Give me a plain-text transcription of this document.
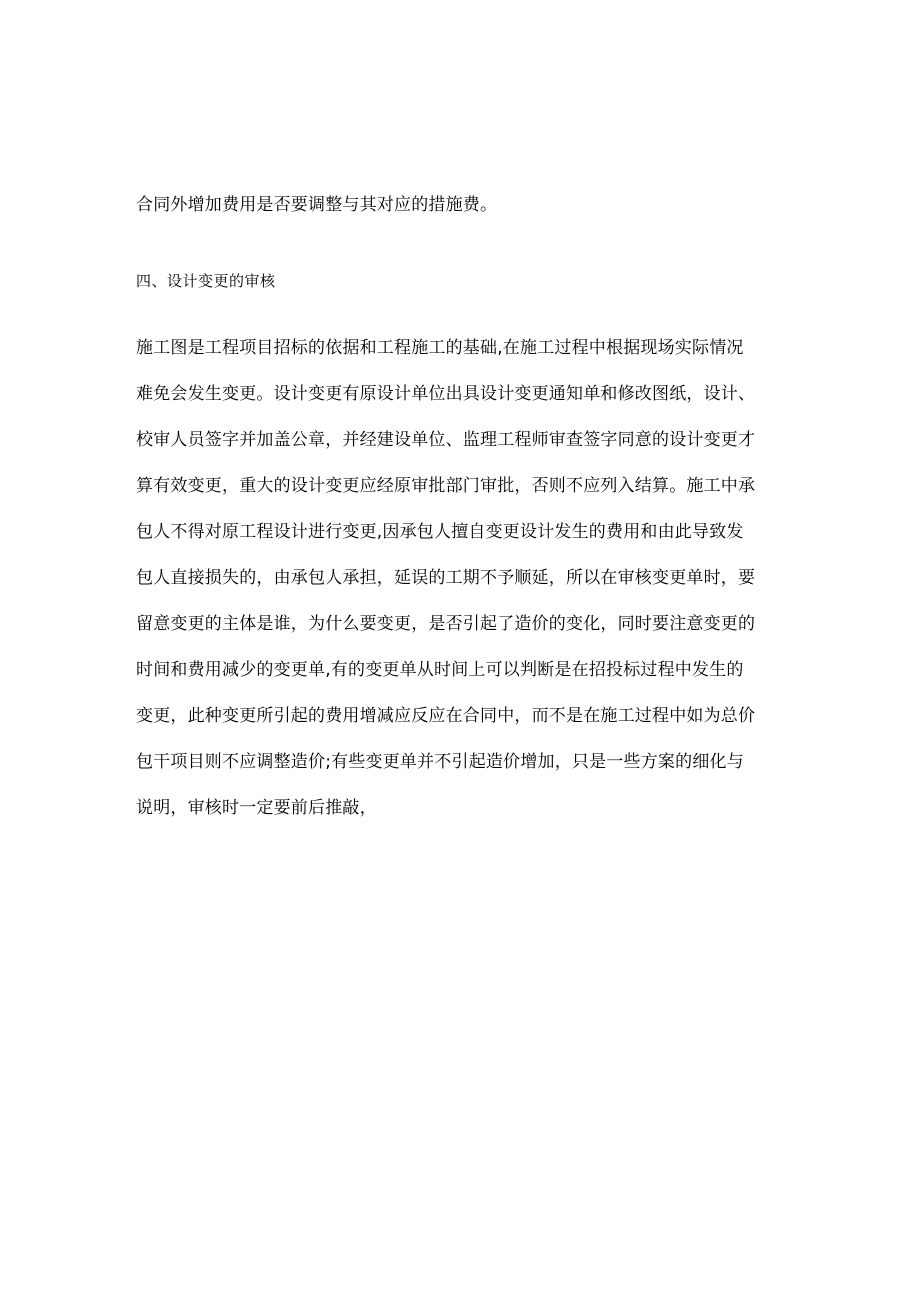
合同外增加费用是否要调整与其对应的措施费。
四、设计变更的审核
施工图是工程项目招标的依据和工程施工的基础,在施工过程中根据现场实际情况
难免会发生变更。设计变更有原设计单位出具设计变更通知单和修改图纸，设计、
校审人员签字并加盖公章，并经建设单位、监理工程师审查签字同意的设计变更才
算有效变更，重大的设计变更应经原审批部门审批，否则不应列入结算。施工中承
包人不得对原工程设计进行变更,因承包人擅自变更设计发生的费用和由此导致发
包人直接损失的，由承包人承担，延误的工期不予顺延，所以在审核变更单时，要
留意变更的主体是谁，为什么要变更，是否引起了造价的变化，同时要注意变更的
时间和费用减少的变更单,有的变更单从时间上可以判断是在招投标过程中发生的
变更，此种变更所引起的费用增减应反应在合同中，而不是在施工过程中如为总价
包干项目则不应调整造价;有些变更单并不引起造价增加，只是一些方案的细化与
说明，审核时一定要前后推敲，
